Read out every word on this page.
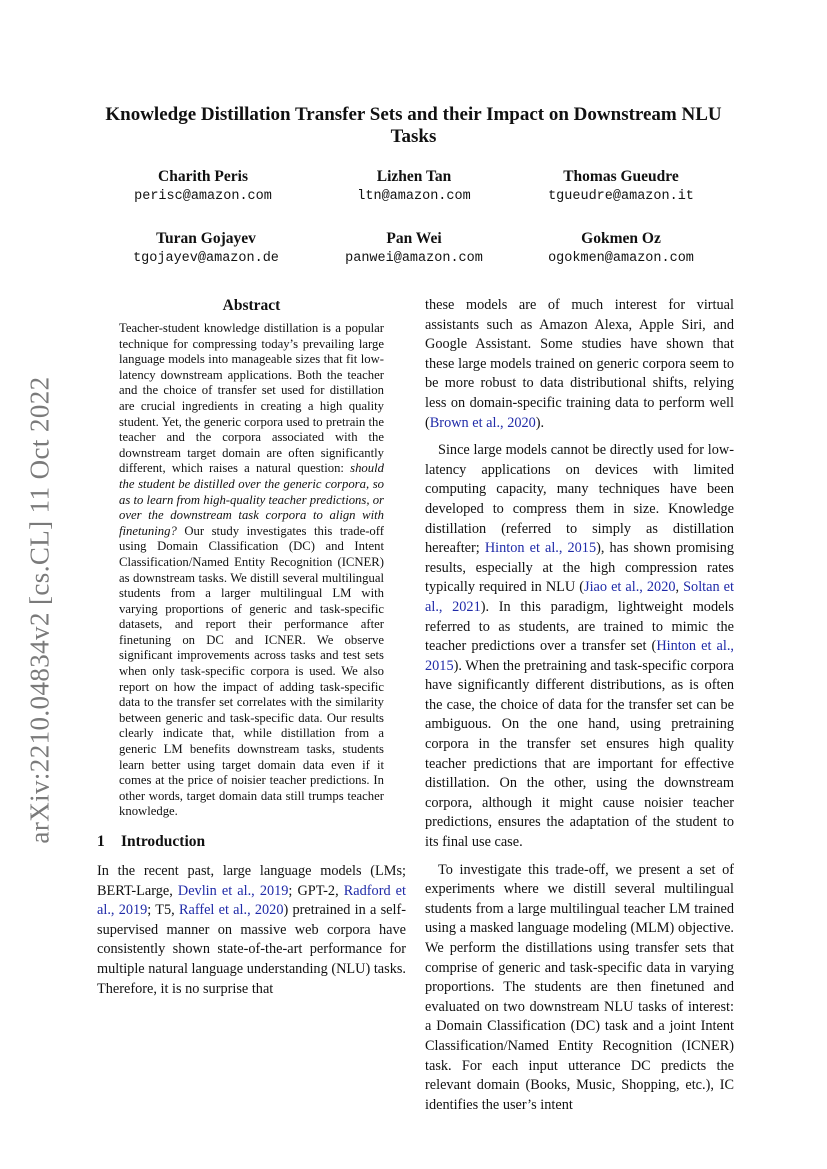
arXiv:2210.04834v2 [cs.CL] 11 Oct 2022
Knowledge Distillation Transfer Sets and their Impact on Downstream NLU Tasks
Charith Peris
perisc@amazon.com
Lizhen Tan
ltn@amazon.com
Thomas Gueudre
tgueudre@amazon.it
Turan Gojayev
tgojayev@amazon.de
Pan Wei
panwei@amazon.com
Gokmen Oz
ogokmen@amazon.com
Abstract
Teacher-student knowledge distillation is a popular technique for compressing today’s prevailing large language models into manageable sizes that fit low-latency downstream applications. Both the teacher and the choice of transfer set used for distillation are crucial ingredients in creating a high quality student. Yet, the generic corpora used to pretrain the teacher and the corpora associated with the downstream target domain are often significantly different, which raises a natural question: should the student be distilled over the generic corpora, so as to learn from high-quality teacher predictions, or over the downstream task corpora to align with finetuning? Our study investigates this trade-off using Domain Classification (DC) and Intent Classification/Named Entity Recognition (ICNER) as downstream tasks. We distill several multilingual students from a larger multilingual LM with varying proportions of generic and task-specific datasets, and report their performance after finetuning on DC and ICNER. We observe significant improvements across tasks and test sets when only task-specific corpora is used. We also report on how the impact of adding task-specific data to the transfer set correlates with the similarity between generic and task-specific data. Our results clearly indicate that, while distillation from a generic LM benefits downstream tasks, students learn better using target domain data even if it comes at the price of noisier teacher predictions. In other words, target domain data still trumps teacher knowledge.
1 Introduction

In the recent past, large language models (LMs; BERT-Large, Devlin et al., 2019; GPT-2, Radford et al., 2019; T5, Raffel et al., 2020) pretrained in a self-supervised manner on massive web corpora have consistently shown state-of-the-art performance for multiple natural language understanding (NLU) tasks. Therefore, it is no surprise that

these models are of much interest for virtual assistants such as Amazon Alexa, Apple Siri, and Google Assistant. Some studies have shown that these large models trained on generic corpora seem to be more robust to data distributional shifts, relying less on domain-specific training data to perform well (Brown et al., 2020).

Since large models cannot be directly used for low-latency applications on devices with limited computing capacity, many techniques have been developed to compress them in size. Knowledge distillation (referred to simply as distillation hereafter; Hinton et al., 2015), has shown promising results, especially at the high compression rates typically required in NLU (Jiao et al., 2020, Soltan et al., 2021). In this paradigm, lightweight models referred to as students, are trained to mimic the teacher predictions over a transfer set (Hinton et al., 2015). When the pretraining and task-specific corpora have significantly different distributions, as is often the case, the choice of data for the transfer set can be ambiguous. On the one hand, using pretraining corpora in the transfer set ensures high quality teacher predictions that are important for effective distillation. On the other, using the downstream corpora, although it might cause noisier teacher predictions, ensures the adaptation of the student to its final use case.

To investigate this trade-off, we present a set of experiments where we distill several multilingual students from a large multilingual teacher LM trained using a masked language modeling (MLM) objective. We perform the distillations using transfer sets that comprise of generic and task-specific data in varying proportions. The students are then finetuned and evaluated on two downstream NLU tasks of interest: a Domain Classification (DC) task and a joint Intent Classification/Named Entity Recognition (ICNER) task. For each input utterance DC predicts the relevant domain (Books, Music, Shopping, etc.), IC identifies the user’s intent
